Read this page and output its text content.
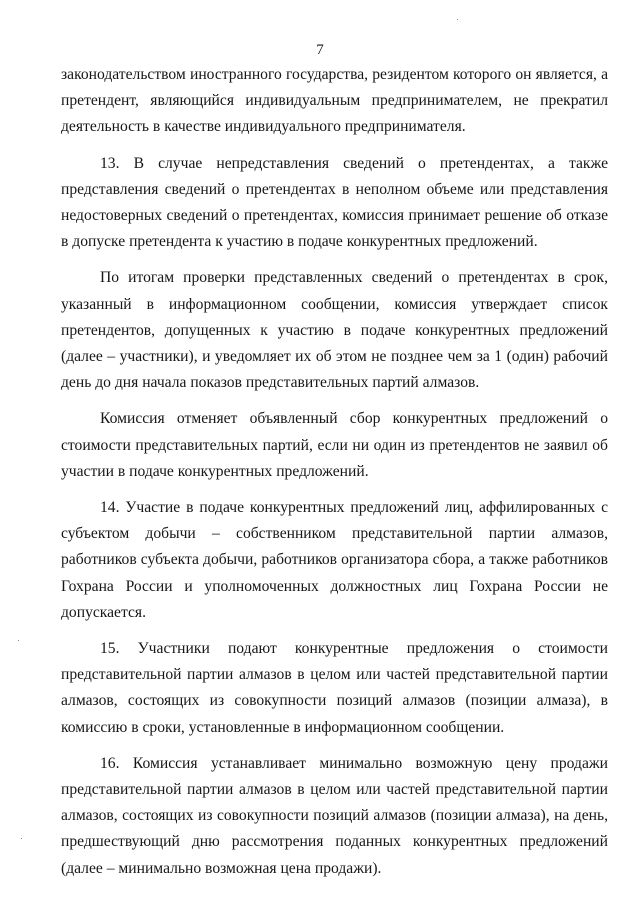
7

законодательством иностранного государства, резидентом которого он является, а претендент, являющийся индивидуальным предпринимателем, не прекратил деятельность в качестве индивидуального предпринимателя.

13. В случае непредставления сведений о претендентах, а также представления сведений о претендентах в неполном объеме или представления недостоверных сведений о претендентах, комиссия принимает решение об отказе в допуске претендента к участию в подаче конкурентных предложений.

По итогам проверки представленных сведений о претендентах в срок, указанный в информационном сообщении, комиссия утверждает список претендентов, допущенных к участию в подаче конкурентных предложений (далее – участники), и уведомляет их об этом не позднее чем за 1 (один) рабочий день до дня начала показов представительных партий алмазов.

Комиссия отменяет объявленный сбор конкурентных предложений о стоимости представительных партий, если ни один из претендентов не заявил об участии в подаче конкурентных предложений.

14. Участие в подаче конкурентных предложений лиц, аффилированных с субъектом добычи – собственником представительной партии алмазов, работников субъекта добычи, работников организатора сбора, а также работников Гохрана России и уполномоченных должностных лиц Гохрана России не допускается.

15. Участники подают конкурентные предложения о стоимости представительной партии алмазов в целом или частей представительной партии алмазов, состоящих из совокупности позиций алмазов (позиции алмаза), в комиссию в сроки, установленные в информационном сообщении.

16. Комиссия устанавливает минимально возможную цену продажи представительной партии алмазов в целом или частей представительной партии алмазов, состоящих из совокупности позиций алмазов (позиции алмаза), на день, предшествующий дню рассмотрения поданных конкурентных предложений (далее – минимально возможная цена продажи).
